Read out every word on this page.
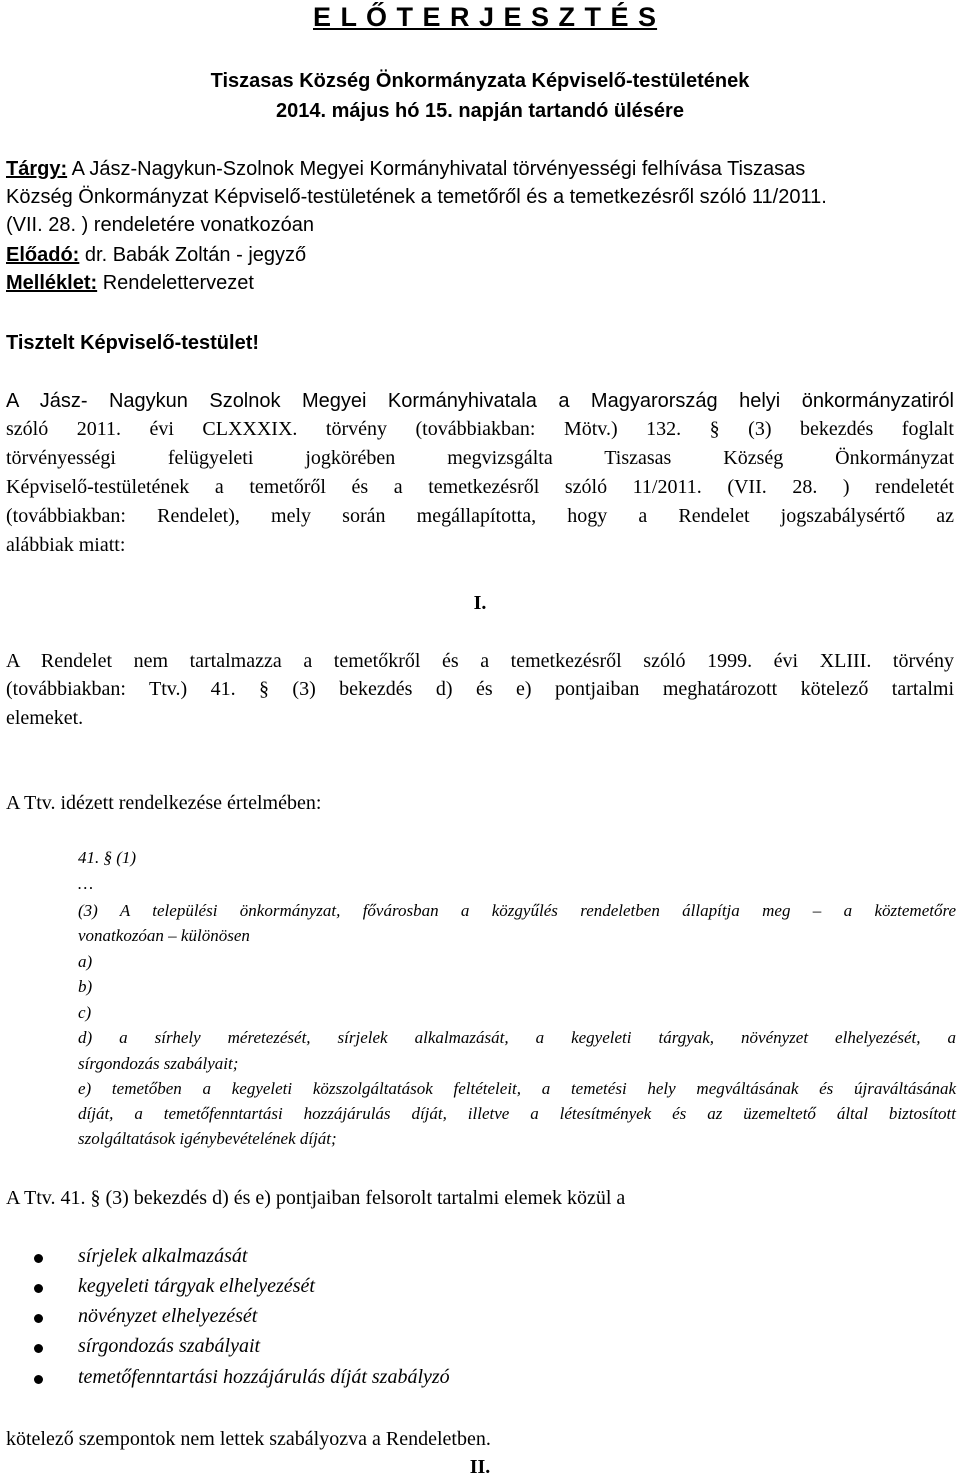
E L Ő T E R J E S Z T É S
Tiszasas Község Önkormányzata Képviselő-testületének
2014. május hó 15. napján tartandó ülésére
Tárgy: A Jász-Nagykun-Szolnok Megyei Kormányhivatal törvényességi felhívása Tiszasas
Község Önkormányzat Képviselő-testületének a temetőről és a temetkezésről szóló 11/2011.
(VII. 28. ) rendeletére vonatkozóan
Előadó: dr. Babák Zoltán - jegyző
Melléklet: Rendelettervezet
Tisztelt Képviselő-testület!
A Jász- Nagykun Szolnok Megyei Kormányhivatala a Magyarország helyi önkormányzatiról
szóló 2011. évi CLXXXIX. törvény (továbbiakban: Mötv.) 132. § (3) bekezdés foglalt
törvényességi felügyeleti jogkörében megvizsgálta Tiszasas Község Önkormányzat
Képviselő-testületének a temetőről és a temetkezésről szóló 11/2011. (VII. 28. ) rendeletét
(továbbiakban: Rendelet), mely során megállapította, hogy a Rendelet jogszabálysértő az
alábbiak miatt:
I.
A Rendelet nem tartalmazza a temetőkről és a temetkezésről szóló 1999. évi XLIII. törvény
(továbbiakban: Ttv.) 41. § (3) bekezdés d) és e) pontjaiban meghatározott kötelező tartalmi
elemeket.
A Ttv. idézett rendelkezése értelmében:
41. § (1)
…
(3) A települési önkormányzat, fővárosban a közgyűlés rendeletben állapítja meg – a köztemetőre
vonatkozóan – különösen
a)
b)
c)
d) a sírhely méretezését, sírjelek alkalmazását, a kegyeleti tárgyak, növényzet elhelyezését, a
sírgondozás szabályait;
e) temetőben a kegyeleti közszolgáltatások feltételeit, a temetési hely megváltásának és újraváltásának
díját, a temetőfenntartási hozzájárulás díját, illetve a létesítmények és az üzemeltető által biztosított
szolgáltatások igénybevételének díját;
A Ttv. 41. § (3) bekezdés d) és e) pontjaiban felsorolt tartalmi elemek közül a
sírjelek alkalmazását
kegyeleti tárgyak elhelyezését
növényzet elhelyezését
sírgondozás szabályait
temetőfenntartási hozzájárulás díját szabályzó
kötelező szempontok nem lettek szabályozva a Rendeletben.
II.
